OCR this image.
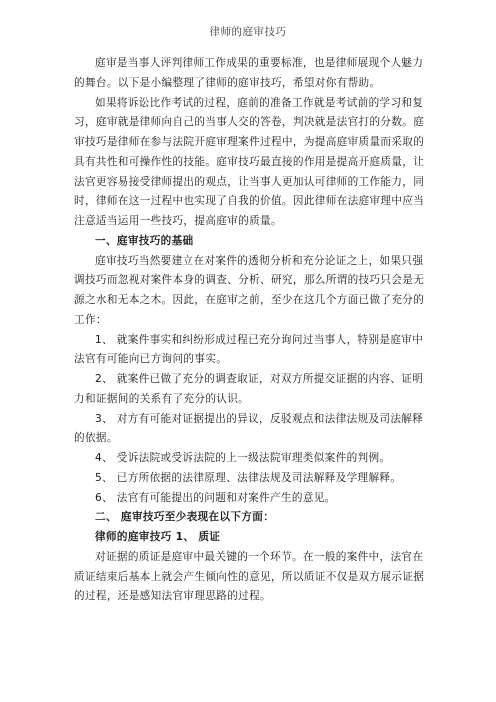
律师的庭审技巧

庭审是当事人评判律师工作成果的重要标准，也是律师展现个人魅力的舞台。以下是小编整理了律师的庭审技巧，希望对你有帮助。

如果将诉讼比作考试的过程，庭前的准备工作就是考试前的学习和复习，庭审就是律师向自己的当事人交的答卷，判决就是法官打的分数。庭审技巧是律师在参与法院开庭审理案件过程中，为提高庭审质量而采取的具有共性和可操作性的技能。庭审技巧最直接的作用是提高开庭质量，让法官更容易接受律师提出的观点，让当事人更加认可律师的工作能力，同时，律师在这一过程中也实现了自我的价值。因此律师在法庭审理中应当注意适当运用一些技巧，提高庭审的质量。

一、庭审技巧的基础

庭审技巧当然要建立在对案件的透彻分析和充分论证之上，如果只强调技巧而忽视对案件本身的调查、分析、研究，那么所谓的技巧只会是无源之水和无本之木。因此，在庭审之前，至少在这几个方面已做了充分的工作：

1、 就案件事实和纠纷形成过程已充分询问过当事人，特别是庭审中法官有可能向已方询问的事实。

2、 就案件已做了充分的调查取证，对双方所提交证据的内容、证明力和证据间的关系有了充分的认识。

3、 对方有可能对证据提出的异议，反驳观点和法律法规及司法解释的依据。

4、 受诉法院或受诉法院的上一级法院审理类似案件的判例。

5、 已方所依据的法律原理、法律法规及司法解释及学理解释。

6、 法官有可能提出的问题和对案件产生的意见。

二、 庭审技巧至少表现在以下方面：

律师的庭审技巧 1、 质证

对证据的质证是庭审中最关键的一个环节。在一般的案件中，法官在质证结束后基本上就会产生倾向性的意见，所以质证不仅是双方展示证据的过程，还是感知法官审理思路的过程。
